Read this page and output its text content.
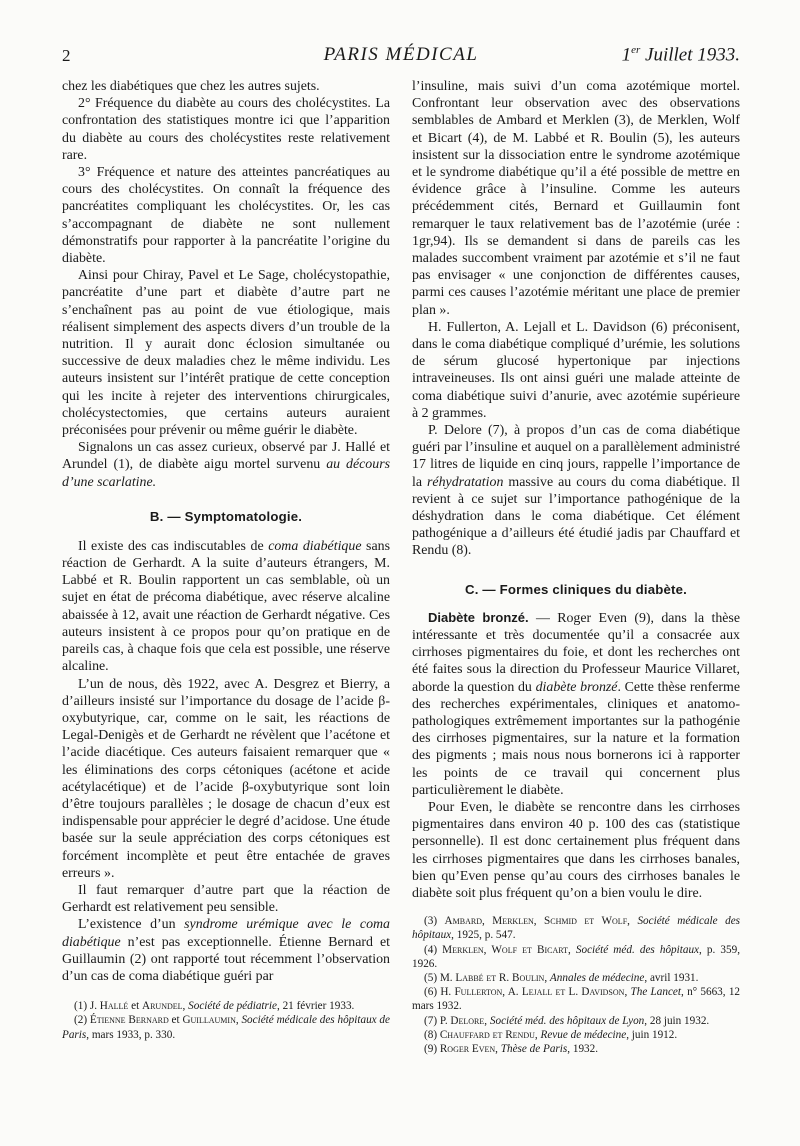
2	PARIS MÉDICAL	1er Juillet 1933.

chez les diabétiques que chez les autres sujets.

2° Fréquence du diabète au cours des cholécystites. La confrontation des statistiques montre ici que l’apparition du diabète au cours des cholécystites reste relativement rare.

3° Fréquence et nature des atteintes pancréatiques au cours des cholécystites. On connaît la fréquence des pancréatites compliquant les cholécystites. Or, les cas s’accompagnant de diabète ne sont nullement démonstratifs pour rapporter à la pancréatite l’origine du diabète.

Ainsi pour Chiray, Pavel et Le Sage, cholécystopathie, pancréatite d’une part et diabète d’autre part ne s’enchaînent pas au point de vue étiologique, mais réalisent simplement des aspects divers d’un trouble de la nutrition. Il y aurait donc éclosion simultanée ou successive de deux maladies chez le même individu. Les auteurs insistent sur l’intérêt pratique de cette conception qui les incite à rejeter des interventions chirurgicales, cholécystectomies, que certains auteurs auraient préconisées pour prévenir ou même guérir le diabète.

Signalons un cas assez curieux, observé par J. Hallé et Arundel (1), de diabète aigu mortel survenu au décours d’une scarlatine.

B. — Symptomatologie.

Il existe des cas indiscutables de coma diabétique sans réaction de Gerhardt. A la suite d’auteurs étrangers, M. Labbé et R. Boulin rapportent un cas semblable, où un sujet en état de précoma diabétique, avec réserve alcaline abaissée à 12, avait une réaction de Gerhardt négative. Ces auteurs insistent à ce propos pour qu’on pratique en de pareils cas, à chaque fois que cela est possible, une réserve alcaline.

L’un de nous, dès 1922, avec A. Desgrez et Bierry, a d’ailleurs insisté sur l’importance du dosage de l’acide β-oxybutyrique, car, comme on le sait, les réactions de Legal-Denigès et de Gerhardt ne révèlent que l’acétone et l’acide diacétique. Ces auteurs faisaient remarquer que « les éliminations des corps cétoniques (acétone et acide acétylacétique) et de l’acide β-oxybutyrique sont loin d’être toujours parallèles ; le dosage de chacun d’eux est indispensable pour apprécier le degré d’acidose. Une étude basée sur la seule appréciation des corps cétoniques est forcément incomplète et peut être entachée de graves erreurs ».

Il faut remarquer d’autre part que la réaction de Gerhardt est relativement peu sensible.

L’existence d’un syndrome urémique avec le coma diabétique n’est pas exceptionnelle. Étienne Bernard et Guillaumin (2) ont rapporté tout récemment l’observation d’un cas de coma diabétique guéri par

(1) J. Hallé et Arundel, Société de pédiatrie, 21 février 1933.

(2) Étienne Bernard et Guillaumin, Société médicale des hôpitaux de Paris, mars 1933, p. 330.

l’insuline, mais suivi d’un coma azotémique mortel. Confrontant leur observation avec des observations semblables de Ambard et Merklen (3), de Merklen, Wolf et Bicart (4), de M. Labbé et R. Boulin (5), les auteurs insistent sur la dissociation entre le syndrome azotémique et le syndrome diabétique qu’il a été possible de mettre en évidence grâce à l’insuline. Comme les auteurs précédemment cités, Bernard et Guillaumin font remarquer le taux relativement bas de l’azotémie (urée : 1gr,94). Ils se demandent si dans de pareils cas les malades succombent vraiment par azotémie et s’il ne faut pas envisager « une conjonction de différentes causes, parmi ces causes l’azotémie méritant une place de premier plan ».

H. Fullerton, A. Lejall et L. Davidson (6) préconisent, dans le coma diabétique compliqué d’urémie, les solutions de sérum glucosé hypertonique par injections intraveineuses. Ils ont ainsi guéri une malade atteinte de coma diabétique suivi d’anurie, avec azotémie supérieure à 2 grammes.

P. Delore (7), à propos d’un cas de coma diabétique guéri par l’insuline et auquel on a parallèlement administré 17 litres de liquide en cinq jours, rappelle l’importance de la réhydratation massive au cours du coma diabétique. Il revient à ce sujet sur l’importance pathogénique de la déshydration dans le coma diabétique. Cet élément pathogénique a d’ailleurs été étudié jadis par Chauffard et Rendu (8).

C. — Formes cliniques du diabète.

Diabète bronzé. — Roger Even (9), dans la thèse intéressante et très documentée qu’il a consacrée aux cirrhoses pigmentaires du foie, et dont les recherches ont été faites sous la direction du Professeur Maurice Villaret, aborde la question du diabète bronzé. Cette thèse renferme des recherches expérimentales, cliniques et anatomo-pathologiques extrêmement importantes sur la pathogénie des cirrhoses pigmentaires, sur la nature et la formation des pigments ; mais nous nous bornerons ici à rapporter les points de ce travail qui concernent plus particulièrement le diabète.

Pour Even, le diabète se rencontre dans les cirrhoses pigmentaires dans environ 40 p. 100 des cas (statistique personnelle). Il est donc certainement plus fréquent dans les cirrhoses pigmentaires que dans les cirrhoses banales, bien qu’Even pense qu’au cours des cirrhoses banales le diabète soit plus fréquent qu’on a bien voulu le dire.

(3) Ambard, Merklen, Schmid et Wolf, Société médicale des hôpitaux, 1925, p. 547.

(4) Merklen, Wolf et Bicart, Société méd. des hôpitaux, p. 359, 1926.

(5) M. Labbé et R. Boulin, Annales de médecine, avril 1931.

(6) H. Fullerton, A. Lejall et L. Davidson, The Lancet, n° 5663, 12 mars 1932.

(7) P. Delore, Société méd. des hôpitaux de Lyon, 28 juin 1932.

(8) Chauffard et Rendu, Revue de médecine, juin 1912.

(9) Roger Even, Thèse de Paris, 1932.
